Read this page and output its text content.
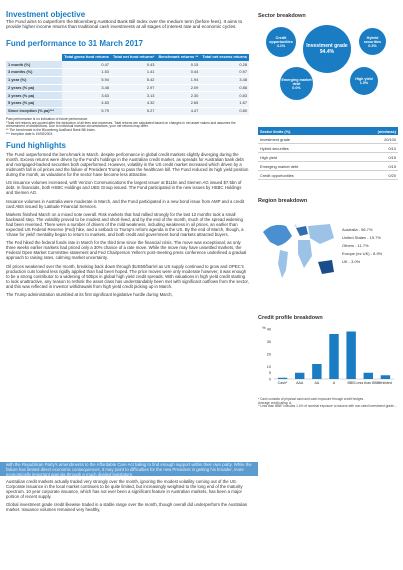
Investment objective

The Fund aims to outperform the Bloomberg AusBond Bank Bill Index over the medium term (before fees). It aims to provide higher income returns than traditional cash investments at all stages of interest rate and economic cycles.

Fund performance to 31 March 2017
	Total gross fund returns	Total net fund returns*	Benchmark returns **	Total net excess returns
1 month (%)	0.47	0.43	0.15	0.28
3 months (%)	1.53	1.41	0.44	0.97
1 year (%)	5.94	5.42	1.94	3.48
2 years (% pa)	3.48	2.97	2.09	0.88
3 years (% pa)	3.63	3.13	2.30	0.83
5 years (% pa)	4.83	4.32	2.65	1.67
Since inception (% pa)***	5.79	5.27	4.47	0.80

Past performance is no indication of future performance.

*Total net returns are quoted after the deduction of all fees and expenses. Total returns are calculated based on changes in net asset values and assumes the reinvestment of distributions. Due to individual investor circumstances, your net returns may differ.

** The benchmark is the Bloomberg AusBond Bank Bill Index.

*** Inception date is 19/08/2003.

Fund highlights

The Fund outperformed the benchmark in March, despite performance in global credit markets slightly diverging during the month. Excess returns were driven by the Fund's holdings in the Australian credit market, as spreads for Australian bank debt and mortgaged-backed securities both outperformed. However, volatility in the US credit market increased which driven by a midmonth fall in oil prices and the failure of President Trump to pass the healthcare bill. The Fund reduced its high yield position during the month, as valuations for the sector have become less attractive.

US issuance volumes increased, with Verizon Communications the largest issuer at $11bn and Siemen AG issued $7.5bn of debt. In financials, both HSBC Holdings and UBS Group issued. The Fund participated in the new issues by HSBC Holdings and Siemen AG.

Issuance volumes in Australia were moderate in March, and the Fund participated in a new bond issue from AMP and a credit card ABS issued by Latitude Financial Services.

Markets finished March on a mixed note overall. Risk markets that had rallied strongly for the last 12 months took a small backward step. The volatility proved to be modest and short-lived, and by the end of the month, much of the spread widening had been reversed. There were a number of drivers of the mild weakness, including weakness in oil prices, an earlier than expected US Federal Reserve (Fed) hike, and a setback to Trump's reform agenda in the US. By the end of March, though, a 'chase for yield' mentality began to return to markets, and both credit and government bond markets attracted buyers.

The Fed hiked the federal funds rate in March for the third time since the financial crisis. The move was exceptional, as only three weeks earlier markets had priced only a 30% chance of a rate move. While the move may have unsettled markets, the Federal Open Market Committee statement and Fed Chairperson Yellen's post-meeting press conference underlined a gradual approach to raising rates, calming market uncertainty.

Oil prices weakened over the month, breaking back down through $US50/barrel as US supply continued to grow and OPEC's production cuts looked less rigidly applied than had been hoped. The price moves were only moderate however, it was enough to be a strong contributor to a widening of 50bps in global high yield credit spreads. With valuations in high yield credit starting to look unattractive, any reason to rethink the asset class has understandably been met with significant outflows from the sector, and this was reflected in investor withdrawals from high yield credit picking up in March.

The Trump administration stumbled at its first significant legislative hurdle during March,

with the Republican Party's amendments to the Affordable Care Act failing to find enough support within their own party. While the failure has limited direct economic consequences, it may point to difficulties for the new President in getting his broader, more economically important agenda through a much divided legislature.

Australian credit markets actually traded very strongly over the month, ignoring the modest volatility coming out of the US. Corporate issuance in the local market continues to be quite limited, but increasingly weighted to the long end of the maturity spectrum. 10 year corporate issuance, which has not ever been a significant feature in Australian markets, has been a major portion of recent supply.

Global investment grade credit likewise traded in a stable range over the month, though overall did underperform the Australian market. Issuance volumes remained very healthy,

Sector breakdown
Credit opportunities
4.1%	Investment grade
94.4%
Hybrid securities
0.3%
Emerging market debt
0.0%
High yield
1.0%
Sector limits (%)	(min/max)
Investment grade	20/100
Hybrid securities	0/10
High yield	0/15
Emerging market debt	0/15
Credit opportunities	0/20
Region breakdown
Australia - 56.7%
United States - 19.7%
Others - 11.7%
Europe (ex UK) - 8.9%
UK - 3.0%
Credit profile breakdown
%
0
5
10
20
30
40
Cash* AAA	AA	A	BBB Less than BBB^
Unlisted

* Cash consists of physical cash and cash exposure through credit hedges.

Average credit rating: A-

^ Less than BBB" includes 1.4% of nominal exposure to issuers with non-rated investment grade...
